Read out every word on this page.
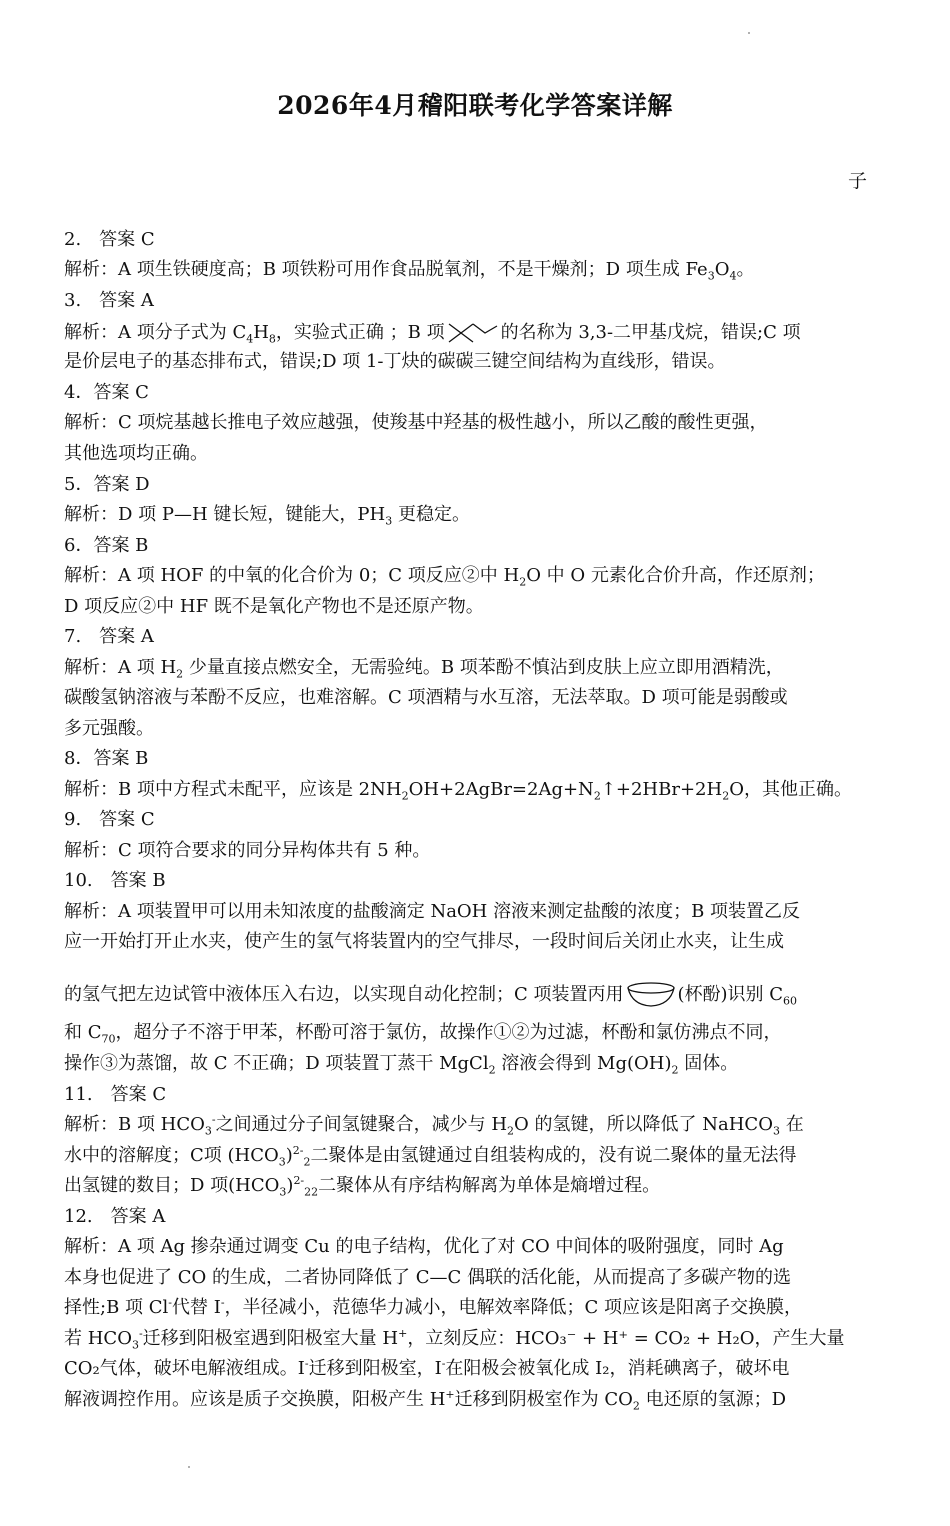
2026年4月稽阳联考化学答案详解
子
2.　答案 C
解析：A 项生铁硬度高；B 项铁粉可用作食品脱氧剂，不是干燥剂；D 项生成 $Fe_3O_4$。
3.　答案 A
解析：A 项分子式为 $C_4H_8$，实验式正确 ；B 项	的名称为 3,3-二甲基戊烷，错误;C 项
是价层电子的基态排布式，错误;D 项 1-丁炔的碳碳三键空间结构为直线形，错误。
4．答案 C
解析：C 项烷基越长推电子效应越强，使羧基中羟基的极性越小，所以乙酸的酸性更强，
其他选项均正确。
5．答案 D
解析：D 项 P—H 键长短，键能大，$PH_3$ 更稳定。
6．答案 B
解析：A 项 HOF 的中氧的化合价为 0；C 项反应②中 $H_2O$ 中 O 元素化合价升高，作还原剂；
D 项反应②中 HF 既不是氧化产物也不是还原产物。
7.　答案 A
解析：A 项 $H_2$ 少量直接点燃安全，无需验纯。B 项苯酚不慎沾到皮肤上应立即用酒精洗，
碳酸氢钠溶液与苯酚不反应，也难溶解。C 项酒精与水互溶，无法萃取。D 项可能是弱酸或
多元强酸。
8．答案 B
解析：B 项中方程式未配平，应该是 $2NH_2OH+2AgBr=2Ag+N_2↑+2HBr+2H_2O$，其他正确。
9.　答案 C
解析：C 项符合要求的同分异构体共有 5 种。
10.　答案 B
解析：A 项装置甲可以用未知浓度的盐酸滴定 NaOH 溶液来测定盐酸的浓度；B 项装置乙反
应一开始打开止水夹，使产生的氢气将装置内的空气排尽，一段时间后关闭止水夹，让生成
的氢气把左边试管中液体压入右边，以实现自动化控制；C 项装置丙用	(杯酚)识别 $C_{60}$
和 $C_{70}$，超分子不溶于甲苯，杯酚可溶于氯仿，故操作①②为过滤，杯酚和氯仿沸点不同，
操作③为蒸馏，故 C 不正确；D 项装置丁蒸干 MgCl$_2$ 溶液会得到 $Mg(OH)_2$ 固体。
11.　答案 C
解析：B 项 $HCO_3^-$之间通过分子间氢键聚合，减少与 $H_2O$ 的氢键，所以降低了 NaHCO$_3$ 在
水中的溶解度；C项 $(HCO_3)^{2-}_2$二聚体是由氢键通过自组装构成的，没有说二聚体的量无法得
出氢键的数目；D 项$(HCO_3)^{2-}_{22}$二聚体从有序结构解离为单体是熵增过程。
12.　答案 A
解析：A 项 Ag 掺杂通过调变 Cu 的电子结构，优化了对 CO 中间体的吸附强度，同时 Ag
本身也促进了 CO 的生成，二者协同降低了 C—C 偶联的活化能，从而提高了多碳产物的选
择性;B 项 Cl-代替 I-，半径减小，范德华力减小，电解效率降低；C 项应该是阳离子交换膜，
若 $HCO_3^-$迁移到阳极室遇到阳极室大量 H+，立刻反应：HCO₃⁻ + H⁺ = CO₂ + H₂O，产生大量
CO₂气体，破坏电解液组成。I-迁移到阳极室，I-在阳极会被氧化成 I₂，消耗碘离子，破坏电
解液调控作用。应该是质子交换膜，阳极产生 H+迁移到阴极室作为 $CO_2$ 电还原的氢源；D
